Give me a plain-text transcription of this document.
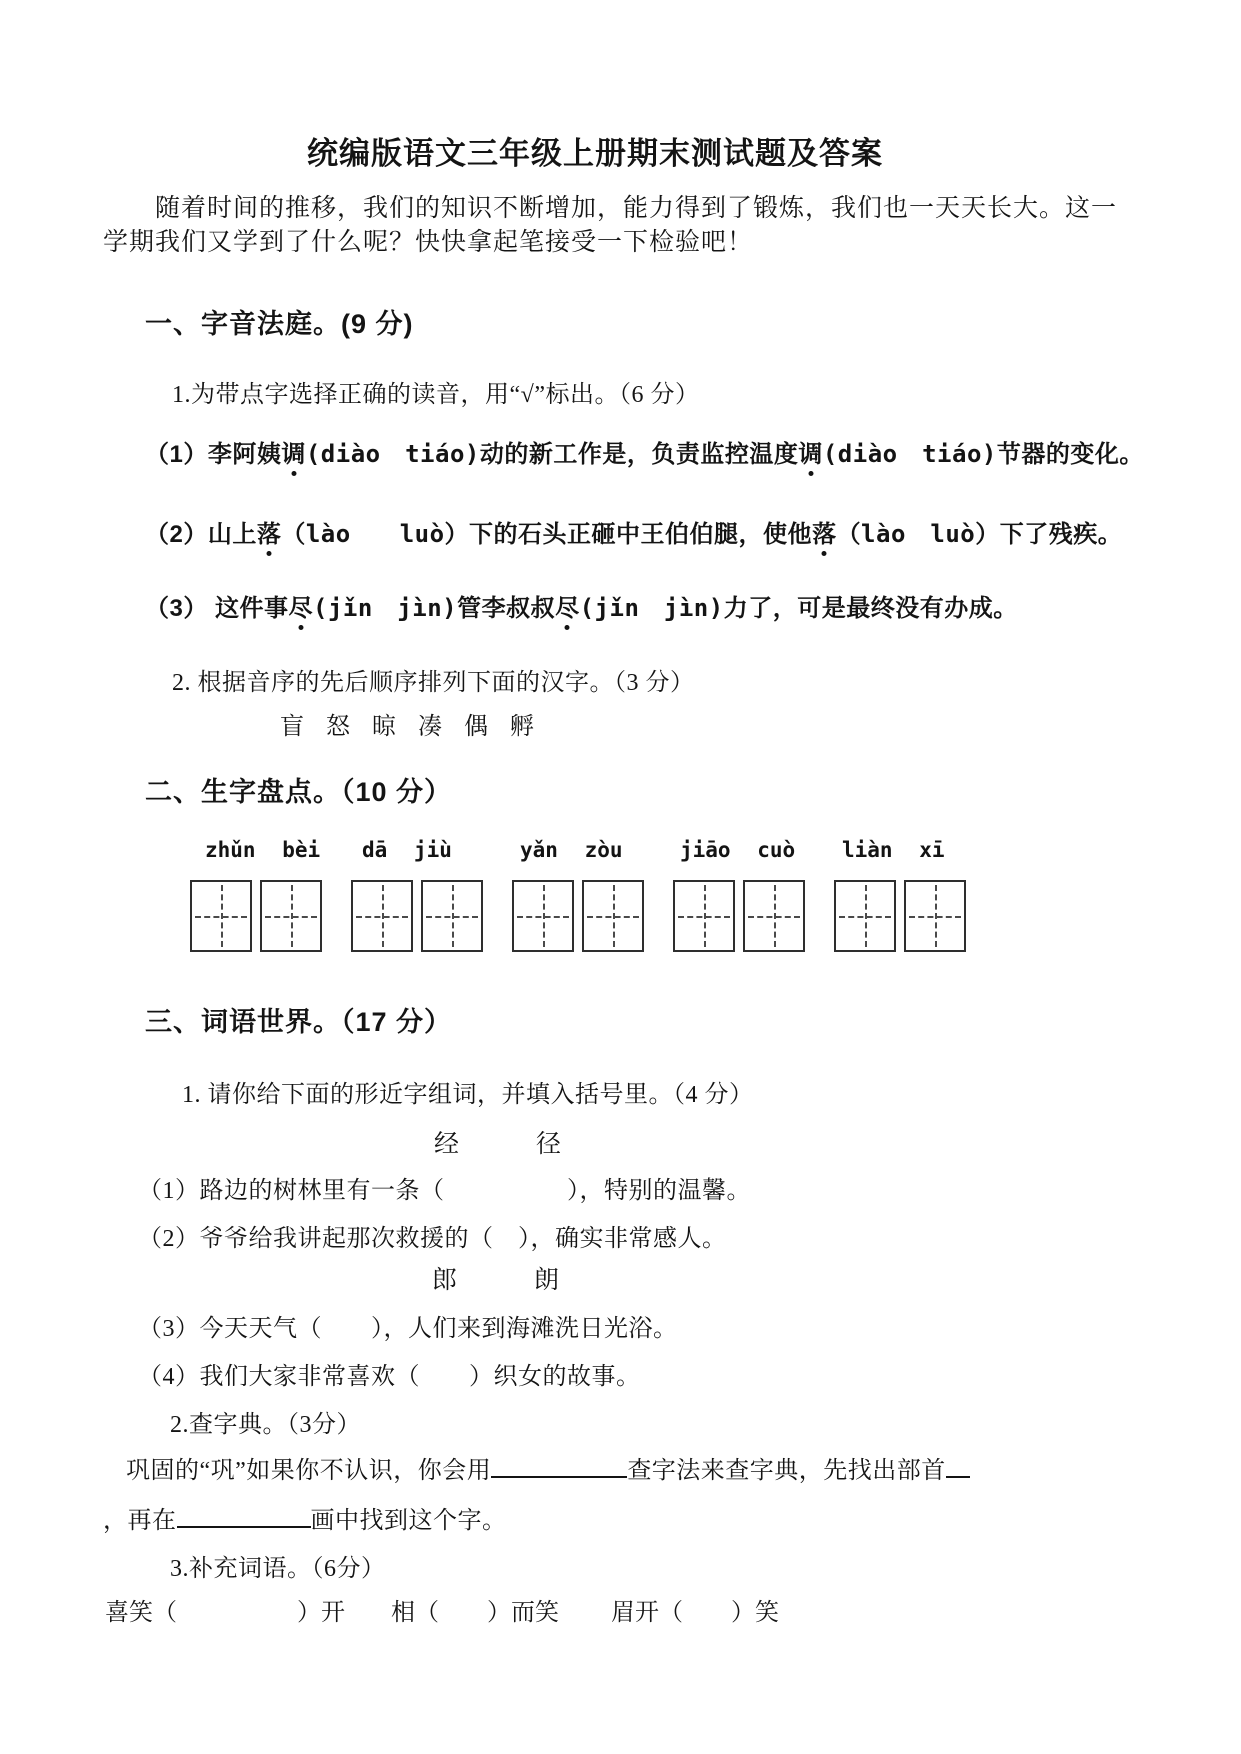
统编版语文三年级上册期末测试题及答案
随着时间的推移，我们的知识不断增加，能力得到了锻炼，我们也一天天长大。这一
学期我们又学到了什么呢？快快拿起笔接受一下检验吧！
一、字音法庭。(9 分)
1.为带点字选择正确的读音，用“√”标出。（6 分）
（1）李阿姨调(diào　tiáo)动的新工作是，负责监控温度调(diào　tiáo)节器的变化。
（2）山上落（lào　　luò）下的石头正砸中王伯伯腿，使他落（lào　luò）下了残疾。
（3） 这件事尽(jǐn　jìn)管李叔叔尽(jǐn　jìn)力了，可是最终没有办成。
2. 根据音序的先后顺序排列下面的汉字。（3 分）
盲 怒 晾 凑 偶 孵
二、生字盘点。（10 分）
zhǔn bèi dā jiù	yǎn zòu	jiāo cuò liàn xī
三、词语世界。（17 分）
1. 请你给下面的形近字组词，并填入括号里。（4 分）
经　　　径
（1）路边的树林里有一条（　　　　　），特别的温馨。
（2）爷爷给我讲起那次救援的（　），确实非常感人。
郎　　　朗
（3）今天天气（　　），人们来到海滩洗日光浴。
（4）我们大家非常喜欢（　　）织女的故事。
2.查字典。（3分）
巩固的“巩”如果你不认识，你会用	查字法来查字典，先找出部首
，再在	画中找到这个字。
3.补充词语。（6分）
喜笑（　　　　　）开 相（　　）而笑 眉开（　　）笑
